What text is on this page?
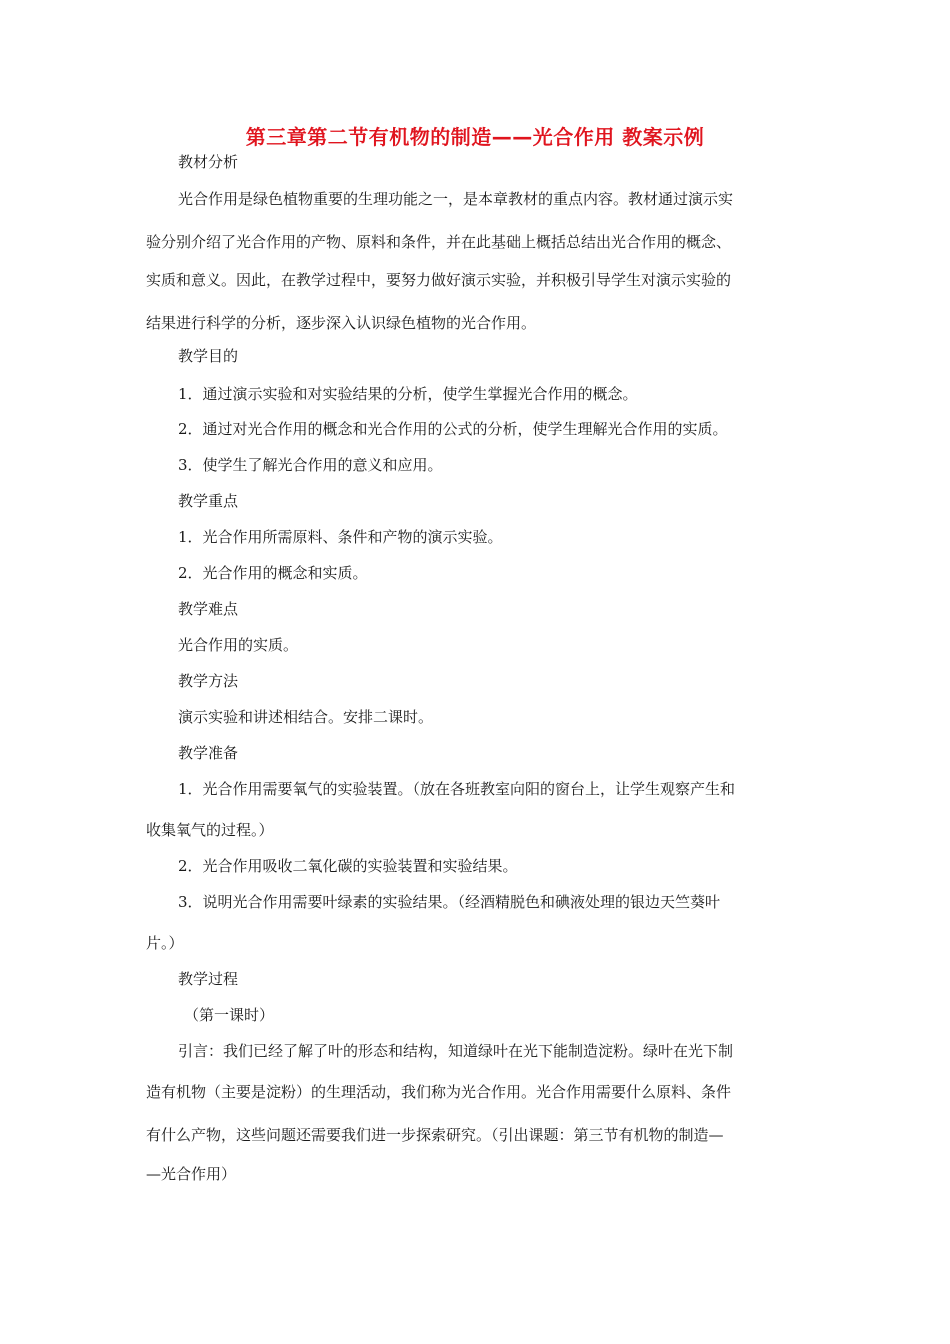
第三章第二节有机物的制造——光合作用 教案示例
教材分析
光合作用是绿色植物重要的生理功能之一，是本章教材的重点内容。教材通过演示实
验分别介绍了光合作用的产物、原料和条件，并在此基础上概括总结出光合作用的概念、
实质和意义。因此，在教学过程中，要努力做好演示实验，并积极引导学生对演示实验的
结果进行科学的分析，逐步深入认识绿色植物的光合作用。
教学目的
1．通过演示实验和对实验结果的分析，使学生掌握光合作用的概念。
2．通过对光合作用的概念和光合作用的公式的分析，使学生理解光合作用的实质。
3．使学生了解光合作用的意义和应用。
教学重点
1．光合作用所需原料、条件和产物的演示实验。
2．光合作用的概念和实质。
教学难点
光合作用的实质。
教学方法
演示实验和讲述相结合。安排二课时。
教学准备
1．光合作用需要氧气的实验装置。（放在各班教室向阳的窗台上，让学生观察产生和
收集氧气的过程。）
2．光合作用吸收二氧化碳的实验装置和实验结果。
3．说明光合作用需要叶绿素的实验结果。（经酒精脱色和碘液处理的银边天竺葵叶
片。）
教学过程
（第一课时）
引言：我们已经了解了叶的形态和结构，知道绿叶在光下能制造淀粉。绿叶在光下制
造有机物（主要是淀粉）的生理活动，我们称为光合作用。光合作用需要什么原料、条件
有什么产物，这些问题还需要我们进一步探索研究。（引出课题：第三节有机物的制造—
—光合作用）
